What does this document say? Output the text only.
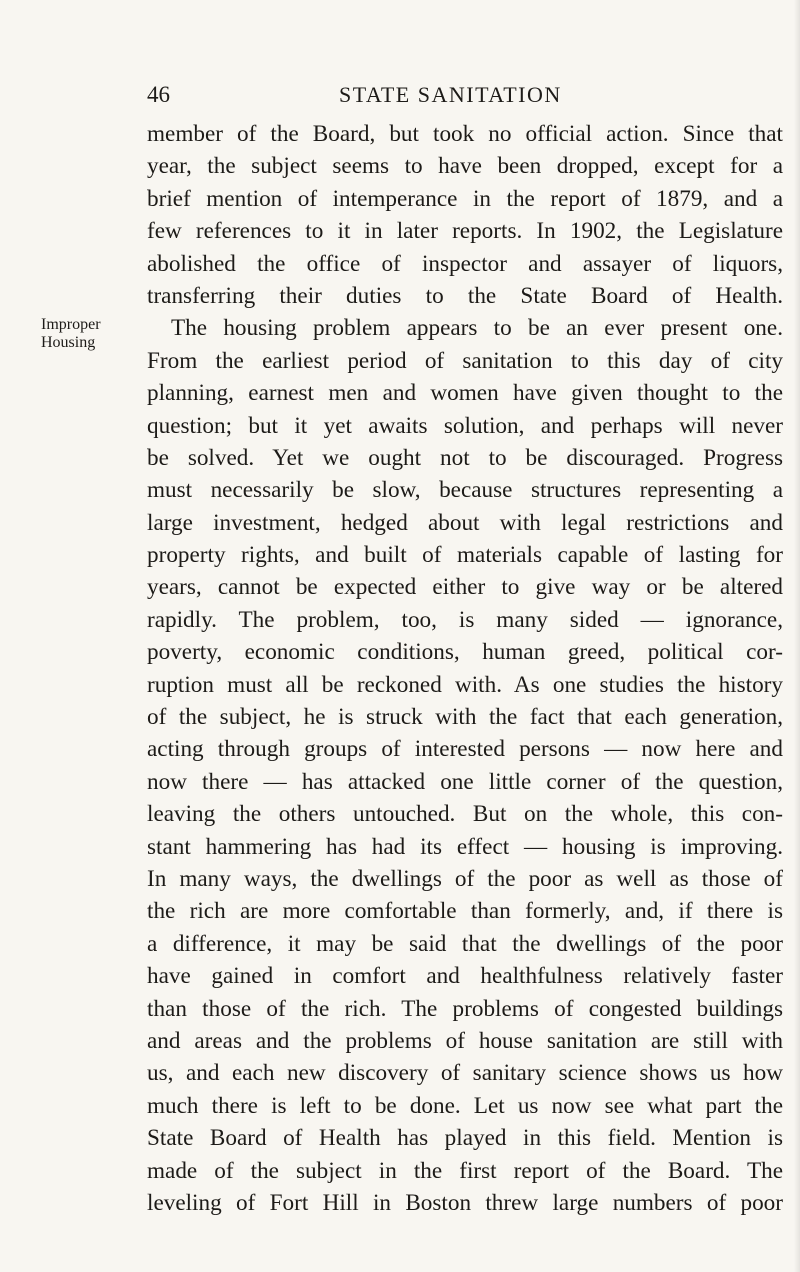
46	STATE SANITATION
Improper
Housing
member of the Board, but took no official action. Since that
year, the subject seems to have been dropped, except for a
brief mention of intemperance in the report of 1879, and a
few references to it in later reports. In 1902, the Legislature
abolished the office of inspector and assayer of liquors,
transferring their duties to the State Board of Health.
The housing problem appears to be an ever present one.
From the earliest period of sanitation to this day of city
planning, earnest men and women have given thought to the
question; but it yet awaits solution, and perhaps will never
be solved. Yet we ought not to be discouraged. Progress
must necessarily be slow, because structures representing a
large investment, hedged about with legal restrictions and
property rights, and built of materials capable of lasting for
years, cannot be expected either to give way or be altered
rapidly. The problem, too, is many sided — ignorance,
poverty, economic conditions, human greed, political cor-
ruption must all be reckoned with. As one studies the history
of the subject, he is struck with the fact that each generation,
acting through groups of interested persons — now here and
now there — has attacked one little corner of the question,
leaving the others untouched. But on the whole, this con-
stant hammering has had its effect — housing is improving.
In many ways, the dwellings of the poor as well as those of
the rich are more comfortable than formerly, and, if there is
a difference, it may be said that the dwellings of the poor
have gained in comfort and healthfulness relatively faster
than those of the rich. The problems of congested buildings
and areas and the problems of house sanitation are still with
us, and each new discovery of sanitary science shows us how
much there is left to be done. Let us now see what part the
State Board of Health has played in this field. Mention is
made of the subject in the first report of the Board. The
leveling of Fort Hill in Boston threw large numbers of poor
